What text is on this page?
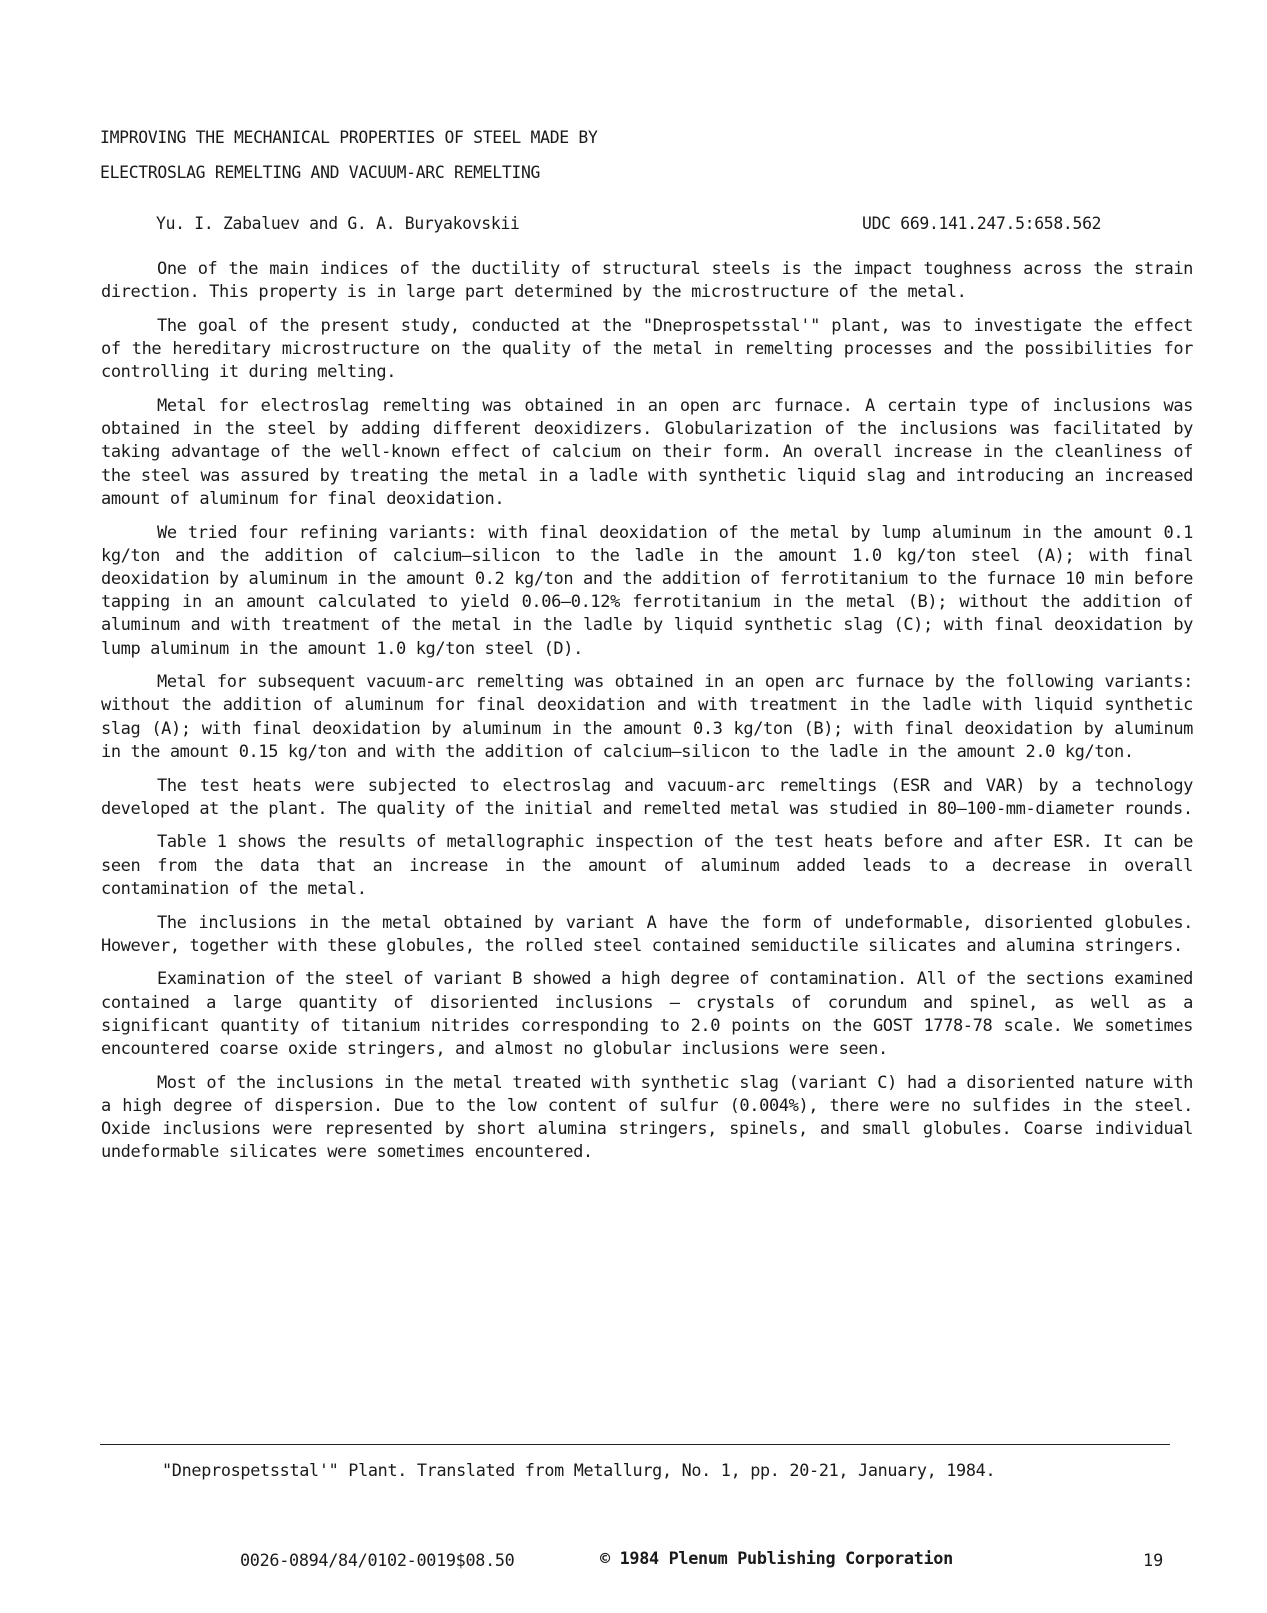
IMPROVING THE MECHANICAL PROPERTIES OF STEEL MADE BY
ELECTROSLAG REMELTING AND VACUUM-ARC REMELTING
Yu. I. Zabaluev and G. A. Buryakovskii	UDC 669.141.247.5:658.562

One of the main indices of the ductility of structural steels is the impact toughness across the strain direction. This property is in large part determined by the microstructure of the metal.

The goal of the present study, conducted at the "Dneprospetsstal'" plant, was to investigate the effect of the hereditary microstructure on the quality of the metal in remelting processes and the possibilities for controlling it during melting.

Metal for electroslag remelting was obtained in an open arc furnace. A certain type of inclusions was obtained in the steel by adding different deoxidizers. Globularization of the inclusions was facilitated by taking advantage of the well-known effect of calcium on their form. An overall increase in the cleanliness of the steel was assured by treating the metal in a ladle with synthetic liquid slag and introducing an increased amount of aluminum for final deoxidation.

We tried four refining variants: with final deoxidation of the metal by lump aluminum in the amount 0.1 kg/ton and the addition of calcium–silicon to the ladle in the amount 1.0 kg/ton steel (A); with final deoxidation by aluminum in the amount 0.2 kg/ton and the addition of ferrotitanium to the furnace 10 min before tapping in an amount calculated to yield 0.06–0.12% ferrotitanium in the metal (B); without the addition of aluminum and with treatment of the metal in the ladle by liquid synthetic slag (C); with final deoxidation by lump aluminum in the amount 1.0 kg/ton steel (D).

Metal for subsequent vacuum-arc remelting was obtained in an open arc furnace by the following variants: without the addition of aluminum for final deoxidation and with treatment in the ladle with liquid synthetic slag (A); with final deoxidation by aluminum in the amount 0.3 kg/ton (B); with final deoxidation by aluminum in the amount 0.15 kg/ton and with the addition of calcium–silicon to the ladle in the amount 2.0 kg/ton.

The test heats were subjected to electroslag and vacuum-arc remeltings (ESR and VAR) by a technology developed at the plant. The quality of the initial and remelted metal was studied in 80–100-mm-diameter rounds.

Table 1 shows the results of metallographic inspection of the test heats before and after ESR. It can be seen from the data that an increase in the amount of aluminum added leads to a decrease in overall contamination of the metal.

The inclusions in the metal obtained by variant A have the form of undeformable, disoriented globules. However, together with these globules, the rolled steel contained semiductile silicates and alumina stringers.

Examination of the steel of variant B showed a high degree of contamination. All of the sections examined contained a large quantity of disoriented inclusions — crystals of corundum and spinel, as well as a significant quantity of titanium nitrides corresponding to 2.0 points on the GOST 1778-78 scale. We sometimes encountered coarse oxide stringers, and almost no globular inclusions were seen.

Most of the inclusions in the metal treated with synthetic slag (variant C) had a disoriented nature with a high degree of dispersion. Due to the low content of sulfur (0.004%), there were no sulfides in the steel. Oxide inclusions were represented by short alumina stringers, spinels, and small globules. Coarse individual undeformable silicates were sometimes encountered.

"Dneprospetsstal'" Plant. Translated from Metallurg, No. 1, pp. 20-21, January, 1984.
0026-0894/84/0102-0019$08.50	© 1984 Plenum Publishing Corporation	19
